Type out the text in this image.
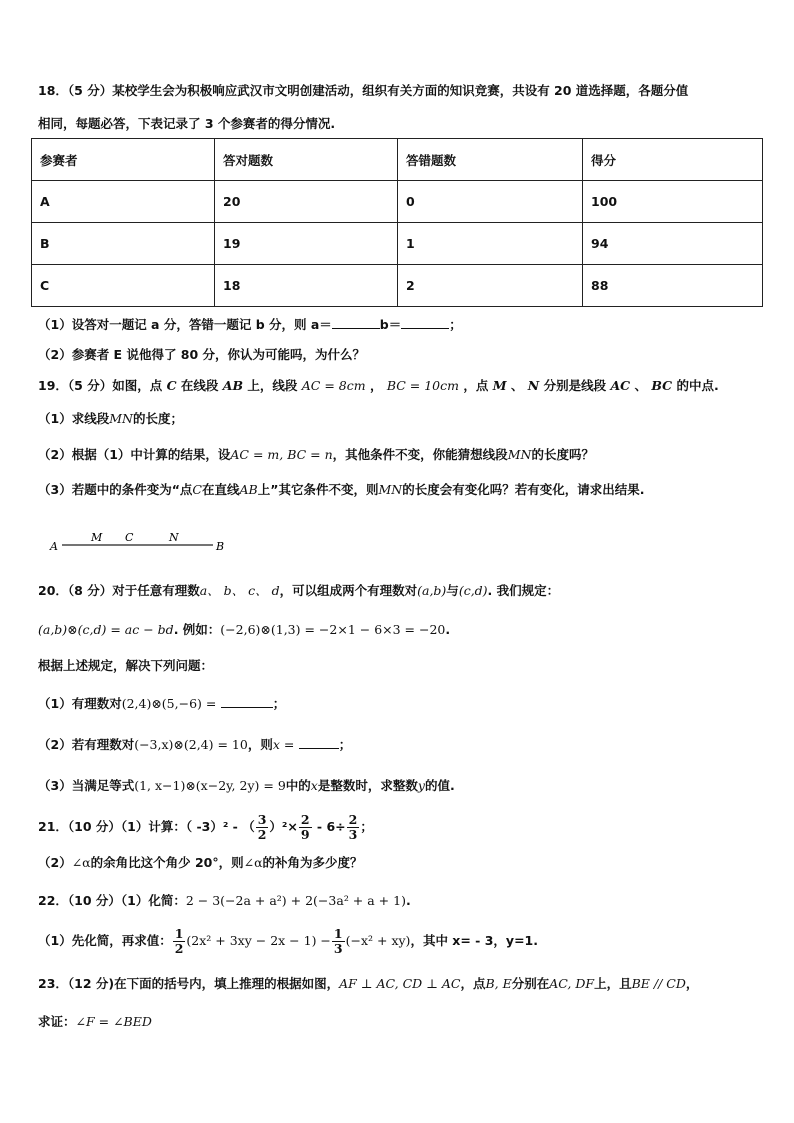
18．（5 分）某校学生会为积极响应武汉市文明创建活动，组织有关方面的知识竞赛，共设有 20 道选择题，各题分值
相同，每题必答，下表记录了 3 个参赛者的得分情况.
参赛者	答对题数	答错题数	得分
A	20	0	100
B	19	1	94
C	18	2	88
（1）设答对一题记 a 分，答错一题记 b 分，则 a＝	b＝	；
（2）参赛者 E 说他得了 80 分，你认为可能吗，为什么？
19．（5 分）如图，点 C 在线段 AB 上，线段 AC = 8cm ， BC = 10cm ，点 M 、 N 分别是线段 AC 、 BC 的中点.
（1）求线段MN的长度；
（2）根据（1）中计算的结果，设AC = m, BC = n，其他条件不变，你能猜想线段MN的长度吗？
（3）若题中的条件变为“点C在直线AB上”其它条件不变，则MN的长度会有变化吗？若有变化，请求出结果.
A
M C	N
B
20．（8 分）对于任意有理数a、 b、 c、 d，可以组成两个有理数对(a,b)与(c,d). 我们规定：
(a,b)⊗(c,d) = ac − bd. 例如：(−2,6)⊗(1,3) = −2×1 − 6×3 = −20.
根据上述规定，解决下列问题：
（1）有理数对(2,4)⊗(5,−6) =	；
（2）若有理数对(−3,x)⊗(2,4) = 10，则x =	；
（3）当满足等式(1, x−1)⊗(x−2y, 2y) = 9中的x是整数时，求整数y的值.
21．（10 分）（1）计算：（ -3）² - （ $\frac{3}{2} )^2\times \frac{2}{9} - 6\div \frac{2}{3}$ ；
（2）∠α的余角比这个角少 20°，则∠α的补角为多少度？
22．（10 分）（1）化简：2 − 3(−2a + a²) + 2(−3a² + a + 1).
（1）先化简，再求值： $\frac{1}{2} (2x^2 + 3xy - 2x - 1) - \frac{1}{3} (-x^2 + xy)$，其中 x= - 3，y=1.
23．（12 分)在下面的括号内，填上推理的根据如图，AF ⊥ AC, CD ⊥ AC，点B, E分别在AC, DF上，且BE // CD，
求证：∠F = ∠BED
